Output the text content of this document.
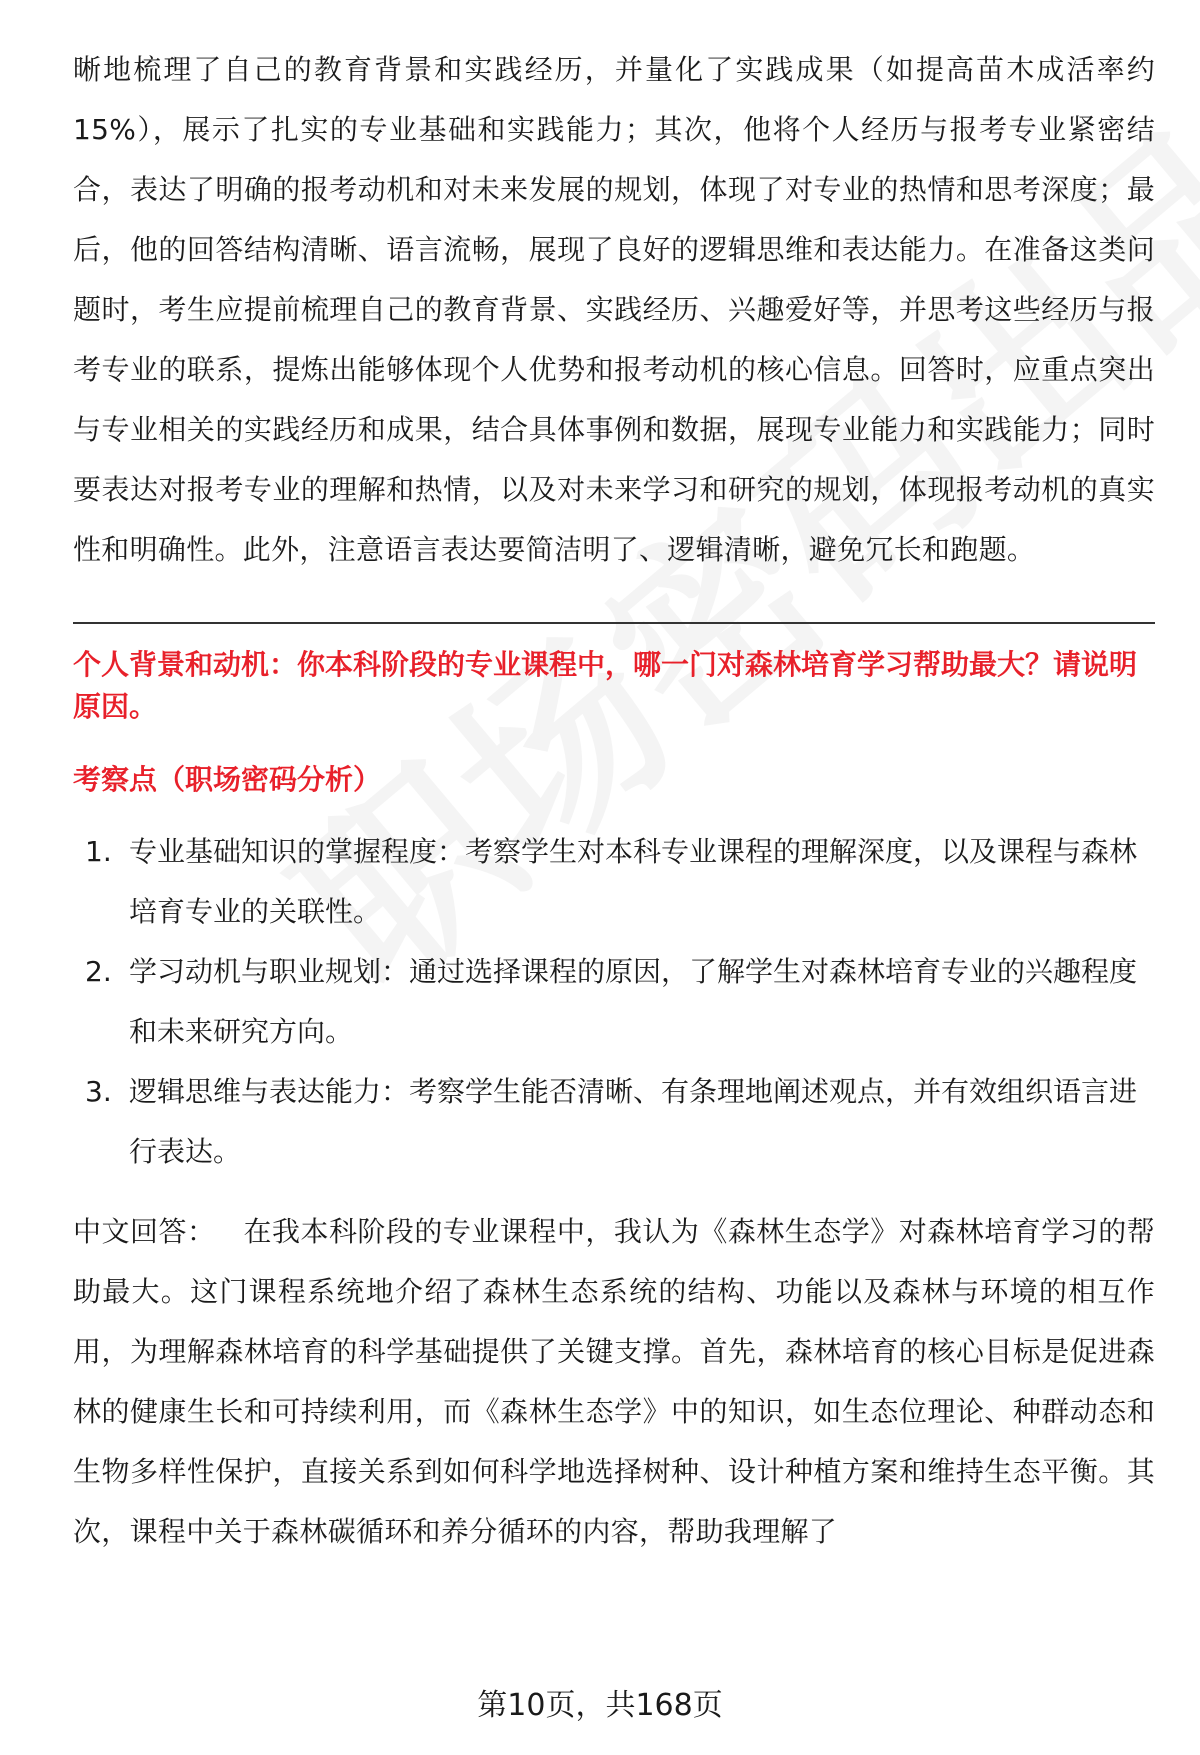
晰地梳理了自己的教育背景和实践经历，并量化了实践成果（如提高苗木成活率约15%），展示了扎实的专业基础和实践能力；其次，他将个人经历与报考专业紧密结合，表达了明确的报考动机和对未来发展的规划，体现了对专业的热情和思考深度；最后，他的回答结构清晰、语言流畅，展现了良好的逻辑思维和表达能力。在准备这类问题时，考生应提前梳理自己的教育背景、实践经历、兴趣爱好等，并思考这些经历与报考专业的联系，提炼出能够体现个人优势和报考动机的核心信息。回答时，应重点突出与专业相关的实践经历和成果，结合具体事例和数据，展现专业能力和实践能力；同时要表达对报考专业的理解和热情，以及对未来学习和研究的规划，体现报考动机的真实性和明确性。此外，注意语言表达要简洁明了、逻辑清晰，避免冗长和跑题。

个人背景和动机：你本科阶段的专业课程中，哪一门对森林培育学习帮助最大？请说明原因。

考察点（职场密码分析）

1. 专业基础知识的掌握程度：考察学生对本科专业课程的理解深度，以及课程与森林培育专业的关联性。
2. 学习动机与职业规划：通过选择课程的原因，了解学生对森林培育专业的兴趣程度和未来研究方向。
3. 逻辑思维与表达能力：考察学生能否清晰、有条理地阐述观点，并有效组织语言进行表达。

中文回答： 在我本科阶段的专业课程中，我认为《森林生态学》对森林培育学习的帮助最大。这门课程系统地介绍了森林生态系统的结构、功能以及森林与环境的相互作用，为理解森林培育的科学基础提供了关键支撑。首先，森林培育的核心目标是促进森林的健康生长和可持续利用，而《森林生态学》中的知识，如生态位理论、种群动态和生物多样性保护，直接关系到如何科学地选择树种、设计种植方案和维持生态平衡。其次，课程中关于森林碳循环和养分循环的内容，帮助我理解了

第10页，共168页
